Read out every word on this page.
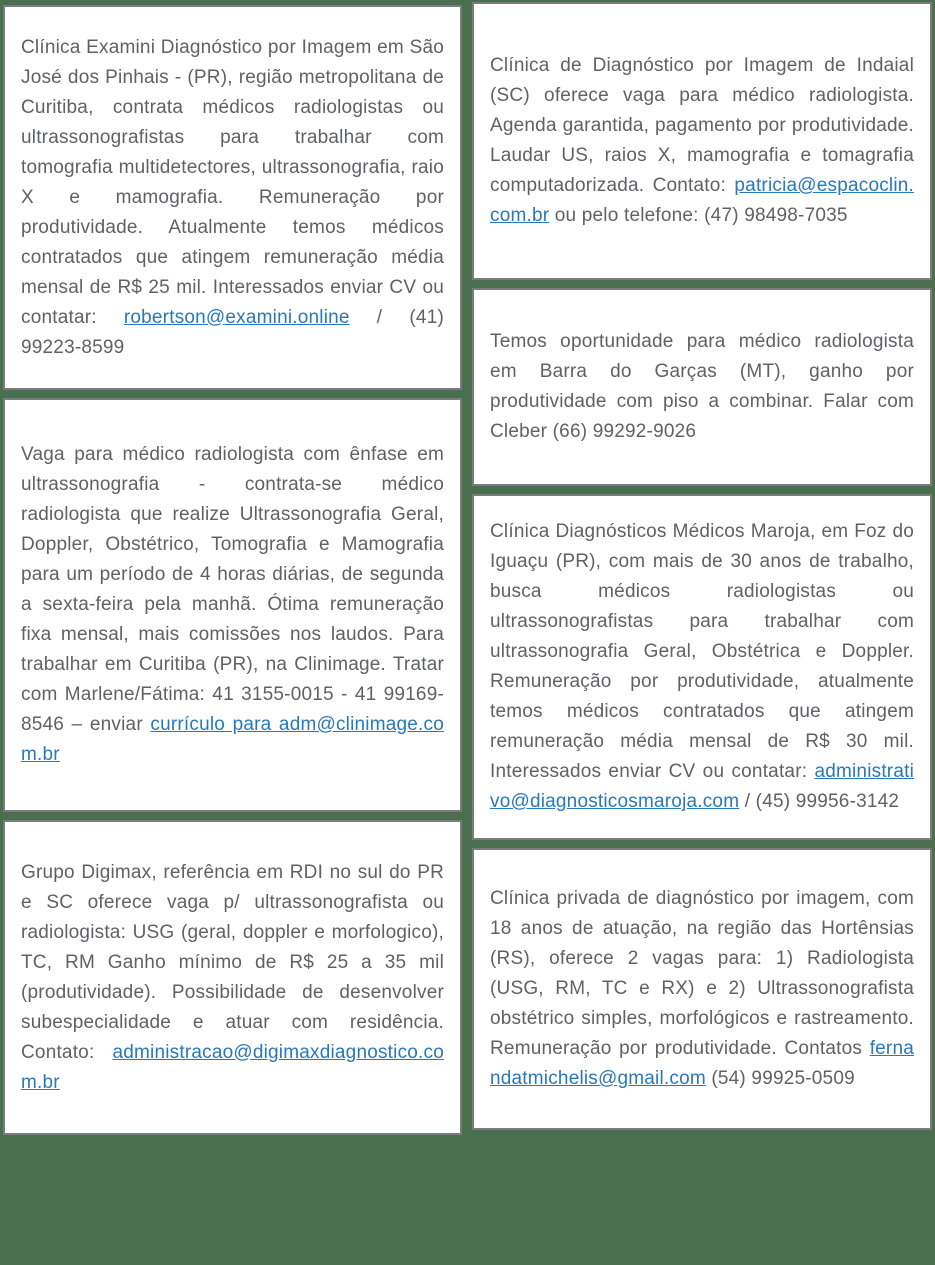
Clínica Examini Diagnóstico por Imagem em São José dos Pinhais - (PR), região metropolitana de Curitiba, contrata médicos radiologistas ou ultrassonografistas para trabalhar com tomografia multidetectores, ultrassonografia, raio X e mamografia. Remuneração por produtividade. Atualmente temos médicos contratados que atingem remuneração média mensal de R$ 25 mil. Interessados enviar CV ou contatar: robertson@examini.online / (41) 99223-8599

Vaga para médico radiologista com ênfase em ultrassonografia - contrata-se médico radiologista que realize Ultrassonografia Geral, Doppler, Obstétrico, Tomografia e Mamografia para um período de 4 horas diárias, de segunda a sexta-feira pela manhã. Ótima remuneração fixa mensal, mais comissões nos laudos. Para trabalhar em Curitiba (PR), na Clinimage. Tratar com Marlene/Fátima: 41 3155-0015 - 41 99169-8546 – enviar currículo para adm@clinimage.com.br

Grupo Digimax, referência em RDI no sul do PR e SC oferece vaga p/ ultrassonografista ou radiologista: USG (geral, doppler e morfologico), TC, RM Ganho mínimo de R$ 25 a 35 mil (produtividade). Possibilidade de desenvolver subespecialidade e atuar com residência. Contato: administracao@digimaxdiagnostico.com.br

Clínica de Diagnóstico por Imagem de Indaial (SC) oferece vaga para médico radiologista. Agenda garantida, pagamento por produtividade. Laudar US, raios X, mamografia e tomagrafia computadorizada. Contato: patricia@espacoclin.com.br ou pelo telefone: (47) 98498-7035

Temos oportunidade para médico radiologista em Barra do Garças (MT), ganho por produtividade com piso a combinar. Falar com Cleber (66) 99292-9026

Clínica Diagnósticos Médicos Maroja, em Foz do Iguaçu (PR), com mais de 30 anos de trabalho, busca médicos radiologistas ou ultrassonografistas para trabalhar com ultrassonografia Geral, Obstétrica e Doppler. Remuneração por produtividade, atualmente temos médicos contratados que atingem remuneração média mensal de R$ 30 mil. Interessados enviar CV ou contatar: administrativo@diagnosticosmaroja.com / (45) 99956-3142

Clínica privada de diagnóstico por imagem, com 18 anos de atuação, na região das Hortênsias (RS), oferece 2 vagas para: 1) Radiologista (USG, RM, TC e RX) e 2) Ultrassonografista obstétrico simples, morfológicos e rastreamento. Remuneração por produtividade. Contatos fernandatmichelis@gmail.com (54) 99925-0509
